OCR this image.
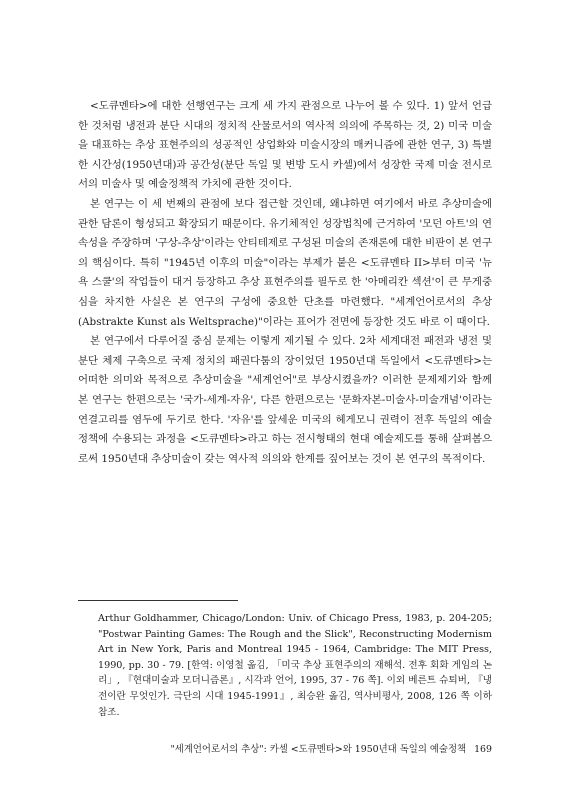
<도큐멘타>에 대한 선행연구는 크게 세 가지 관점으로 나누어 볼 수 있다. 1) 앞서 언급한 것처럼 냉전과 분단 시대의 정치적 산물로서의 역사적 의의에 주목하는 것, 2) 미국 미술을 대표하는 추상 표현주의의 성공적인 상업화와 미술시장의 매커니즘에 관한 연구, 3) 특별한 시간성(1950년대)과 공간성(분단 독일 및 변방 도시 카셀)에서 성장한 국제 미술 전시로서의 미술사 및 예술정책적 가치에 관한 것이다.

본 연구는 이 세 번째의 관점에 보다 접근할 것인데, 왜냐하면 여기에서 바로 추상미술에 관한 담론이 형성되고 확장되기 때문이다. 유기체적인 성장법칙에 근거하여 '모던 아트'의 연속성을 주장하며 '구상-추상'이라는 안티테제로 구성된 미술의 존재론에 대한 비판이 본 연구의 핵심이다. 특히 "1945년 이후의 미술"이라는 부제가 붙은 <도큐멘타 II>부터 미국 '뉴욕 스쿨'의 작업들이 대거 등장하고 추상 표현주의를 필두로 한 '아메리칸 섹션'이 큰 무게중심을 차지한 사실은 본 연구의 구성에 중요한 단초를 마련했다. "세계언어로서의 추상(Abstrakte Kunst als Weltsprache)"이라는 표어가 전면에 등장한 것도 바로 이 때이다.

본 연구에서 다루어질 중심 문제는 이렇게 제기될 수 있다. 2차 세계대전 패전과 냉전 및 분단 체제 구축으로 국제 정치의 패권다툼의 장이었던 1950년대 독일에서 <도큐멘타>는 어떠한 의미와 목적으로 추상미술을 "세계언어"로 부상시켰을까? 이러한 문제제기와 함께 본 연구는 한편으로는 '국가-세계-자유', 다른 한편으로는 '문화자본-미술사-미술개념'이라는 연결고리를 염두에 두기로 한다. '자유'를 앞세운 미국의 헤게모니 권력이 전후 독일의 예술정책에 수용되는 과정을 <도큐멘타>라고 하는 전시형태의 현대 예술제도를 통해 살펴봄으로써 1950년대 추상미술이 갖는 역사적 의의와 한계를 짚어보는 것이 본 연구의 목적이다.

Arthur Goldhammer, Chicago/London: Univ. of Chicago Press, 1983, p. 204-205; "Postwar Painting Games: The Rough and the Slick", Reconstructing Modernism Art in New York, Paris and Montreal 1945 - 1964, Cambridge: The MIT Press, 1990, pp. 30 - 79. [한역: 이영철 옮김, 「미국 추상 표현주의의 재해석. 전후 회화 게임의 논리」, 『현대미술과 모더니즘론』, 시각과 언어, 1995, 37 - 76 쪽]. 이외 베른트 슈퇴버, 『냉전이란 무엇인가. 극단의 시대 1945-1991』, 최승완 옮김, 역사비평사, 2008, 126 쪽 이하 참조.

"세계언어로서의 추상": 카셀 <도큐멘타>와 1950년대 독일의 예술정책 169
